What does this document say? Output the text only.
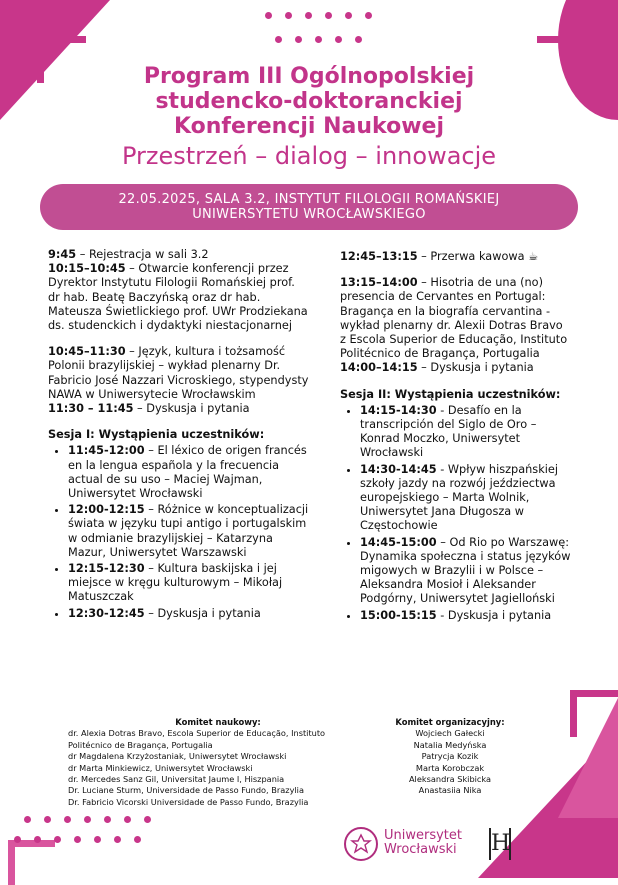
Program III Ogólnopolskiej
studencko-doktoranckiej
Konferencji Naukowej
Przestrzeń – dialog – innowacje
22.05.2025, SALA 3.2, INSTYTUT FILOLOGII ROMAŃSKIEJ
UNIWERSYTETU WROCŁAWSKIEGO

9:45 – Rejestracja w sali 3.2

10:15–10:45 – Otwarcie konferencji przez Dyrektor Instytutu Filologii Romańskiej prof. dr hab. Beatę Baczyńską oraz dr hab. Mateusza Świetlickiego prof. UWr Prodziekana ds. studenckich i dydaktyki niestacjonarnej

10:45–11:30 – Język, kultura i tożsamość Polonii brazylijskiej – wykład plenarny Dr. Fabricio José Nazzari Vicroskiego, stypendysty NAWA w Uniwersytecie Wrocławskim

11:30 – 11:45 – Dyskusja i pytania

Sesja I: Wystąpienia uczestników:
• 11:45-12:00 – El léxico de origen francés en la lengua española y la frecuencia actual de su uso – Maciej Wajman, Uniwersytet Wrocławski
• 12:00-12:15 – Różnice w konceptualizacji świata w języku tupi antigo i portugalskim w odmianie brazylijskiej – Katarzyna Mazur, Uniwersytet Warszawski
• 12:15-12:30 – Kultura baskijska i jej miejsce w kręgu kulturowym – Mikołaj Matuszczak
• 12:30-12:45 – Dyskusja i pytania

12:45–13:15 – Przerwa kawowa ☕

13:15–14:00 – Hisotria de una (no) presencia de Cervantes en Portugal: Bragança en la biografía cervantina - wykład plenarny dr. Alexii Dotras Bravo z Escola Superior de Educação, Instituto Politécnico de Bragança, Portugalia

14:00–14:15 – Dyskusja i pytania

Sesja II: Wystąpienia uczestników:
• 14:15-14:30 - Desafío en la transcripción del Siglo de Oro – Konrad Moczko, Uniwersytet Wrocławski
• 14:30-14:45 - Wpływ hiszpańskiej szkoły jazdy na rozwój jeździectwa europejskiego – Marta Wolnik, Uniwersytet Jana Długosza w Częstochowie
• 14:45-15:00 – Od Rio po Warszawę: Dynamika społeczna i status języków migowych w Brazylii i w Polsce – Aleksandra Mosioł i Aleksander Podgórny, Uniwersytet Jagielloński
• 15:00-15:15 - Dyskusja i pytania
Komitet naukowy:
dr. Alexia Dotras Bravo, Escola Superior de Educação, Instituto
Politécnico de Bragança, Portugalia
dr Magdalena Krzyżostaniak, Uniwersytet Wrocławski
dr Marta Minkiewicz, Uniwersytet Wrocławski
dr. Mercedes Sanz Gil, Universitat Jaume I, Hiszpania
Dr. Luciane Sturm, Universidade de Passo Fundo, Brazylia
Dr. Fabricio Vicorski Universidade de Passo Fundo, Brazylia
Komitet organizacyjny:
Wojciech Gałecki
Natalia Medyńska
Patrycja Kozik
Marta Korobczak
Aleksandra Skibicka
Anastasiia Nika
Uniwersytet
Wrocławski H
